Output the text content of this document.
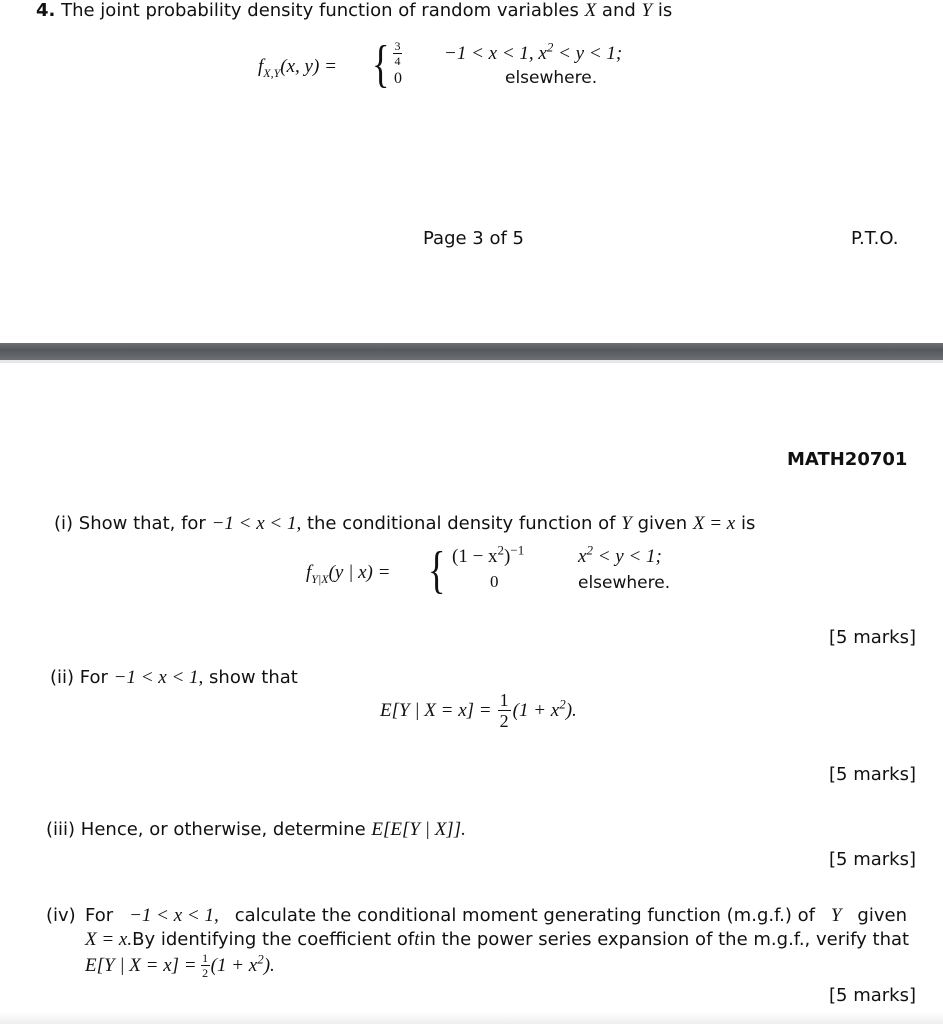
4. The joint probability density function of random variables X and Y is
$f_{X,Y}(x$, y) = { $\frac{3}{4}$
0
−1 < x < 1, $x^2 < y < 1$;
elsewhere.
Page 3 of 5	P.T.O.
MATH20701
(i) Show that, for −1 < x < 1, the conditional density function of Y given X = x is
$f_{Y|X}(y$ | x) = { $(1 - x^2)^{-1}$
0
$x^2 < y < 1$;
elsewhere.
[5 marks]
(ii) For −1 < x < 1, show that
E[Y | $X = x] = \frac{1}{2} (1 + x^2)$.
[5 marks]
(iii) Hence, or otherwise, determine E[E[Y | X]].
[5 marks]
(iv) For −1 < x < 1, calculate the conditional moment generating function (m.g.f.) of Y given
X = x. By identifying the coefficient of t in the power series expansion of the m.g.f., verify that
E[Y | $X = x] = \frac{1}{2} (1 + x^2)$.
[5 marks]
